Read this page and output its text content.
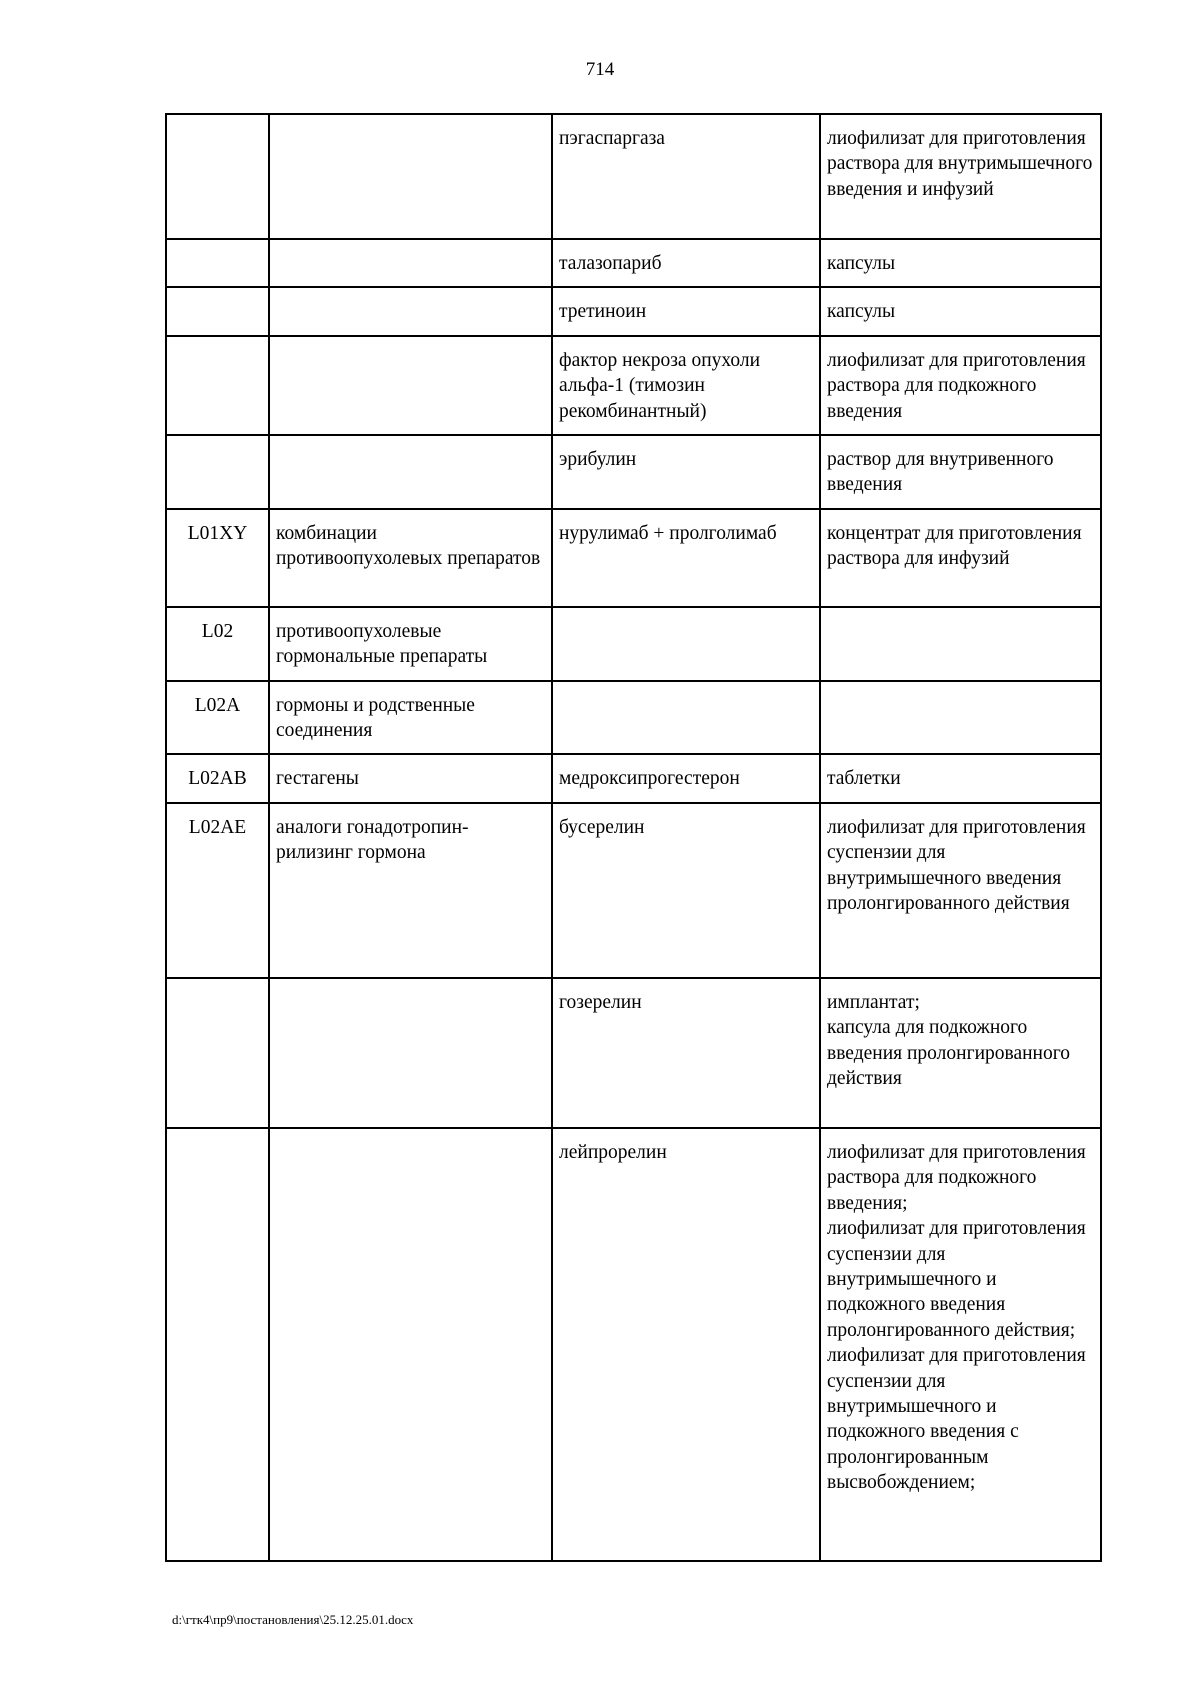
714
		пэгаспаргаза	лиофилизат для приготовления раствора для внутримышечного введения и инфузий
		талазопариб	капсулы
		третиноин	капсулы
		фактор некроза опухоли альфа-1 (тимозин рекомбинантный)	лиофилизат для приготовления раствора для подкожного введения
		эрибулин	раствор для внутривенного введения
L01XY	комбинации противоопухолевых препаратов	нурулимаб + пролголимаб	концентрат для приготовления раствора для инфузий
L02	противоопухолевые гормональные препараты		
L02A	гормоны и родственные соединения		
L02AB	гестагены	медроксипрогестерон	таблетки
L02AE	аналоги гонадотропин-рилизинг гормона	бусерелин	лиофилизат для приготовления суспензии для внутримышечного введения пролонгированного действия
		гозерелин	имплантат;
капсула для подкожного введения пролонгированного действия
		лейпрорелин	лиофилизат для приготовления раствора для подкожного введения;
лиофилизат для приготовления суспензии для внутримышечного и подкожного введения пролонгированного действия;
лиофилизат для приготовления суспензии для внутримышечного и подкожного введения с пролонгированным высвобождением;
d:\гтк4\пр9\постановления\25.12.25.01.docx
